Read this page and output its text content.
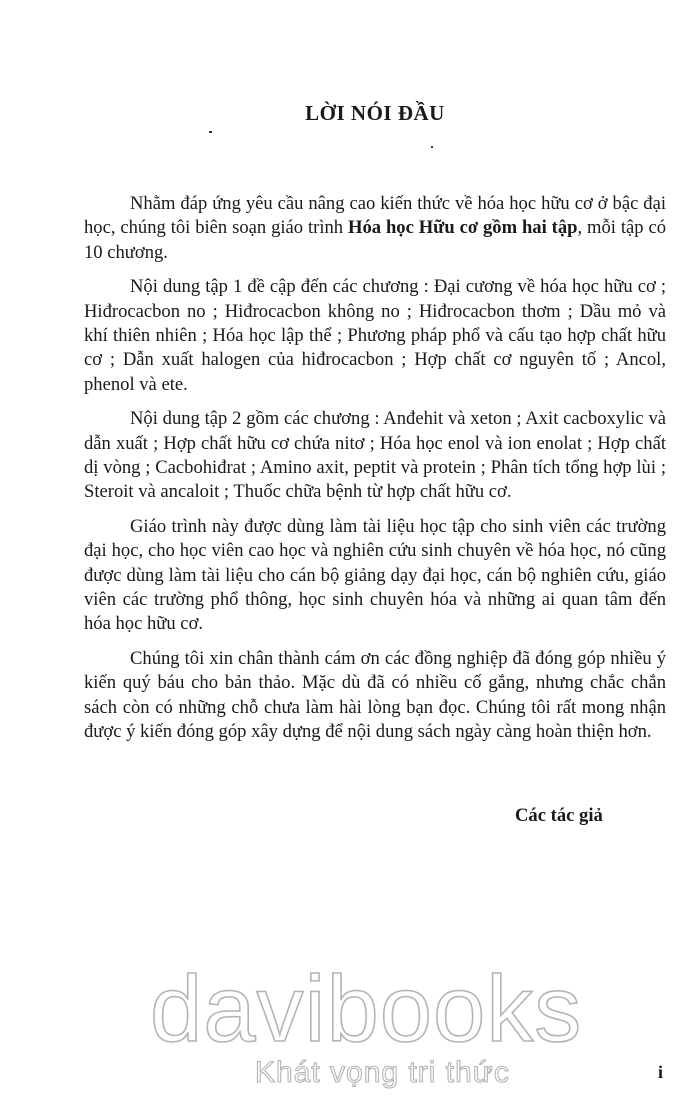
LỜI NÓI ĐẦU

Nhằm đáp ứng yêu cầu nâng cao kiến thức về hóa học hữu cơ ở bậc đại học, chúng tôi biên soạn giáo trình Hóa học Hữu cơ gồm hai tập, mỗi tập có 10 chương.

Nội dung tập 1 đề cập đến các chương : Đại cương về hóa học hữu cơ ; Hiđrocacbon no ; Hiđrocacbon không no ; Hiđrocacbon thơm ; Dầu mỏ và khí thiên nhiên ; Hóa học lập thể ; Phương pháp phổ và cấu tạo hợp chất hữu cơ ; Dẫn xuất halogen của hiđrocacbon ; Hợp chất cơ nguyên tố ; Ancol, phenol và ete.

Nội dung tập 2 gồm các chương : Anđehit và xeton ; Axit cacboxylic và dẫn xuất ; Hợp chất hữu cơ chứa nitơ ; Hóa học enol và ion enolat ; Hợp chất dị vòng ; Cacbohiđrat ; Amino axit, peptit và protein ; Phân tích tổng hợp lùi ; Steroit và ancaloit ; Thuốc chữa bệnh từ hợp chất hữu cơ.

Giáo trình này được dùng làm tài liệu học tập cho sinh viên các trường đại học, cho học viên cao học và nghiên cứu sinh chuyên về hóa học, nó cũng được dùng làm tài liệu cho cán bộ giảng dạy đại học, cán bộ nghiên cứu, giáo viên các trường phổ thông, học sinh chuyên hóa và những ai quan tâm đến hóa học hữu cơ.

Chúng tôi xin chân thành cám ơn các đồng nghiệp đã đóng góp nhiều ý kiến quý báu cho bản thảo. Mặc dù đã có nhiều cố gắng, nhưng chắc chắn sách còn có những chỗ chưa làm hài lòng bạn đọc. Chúng tôi rất mong nhận được ý kiến đóng góp xây dựng để nội dung sách ngày càng hoàn thiện hơn.

Các tác giả

davibooks
Khát vọng tri thức	i
